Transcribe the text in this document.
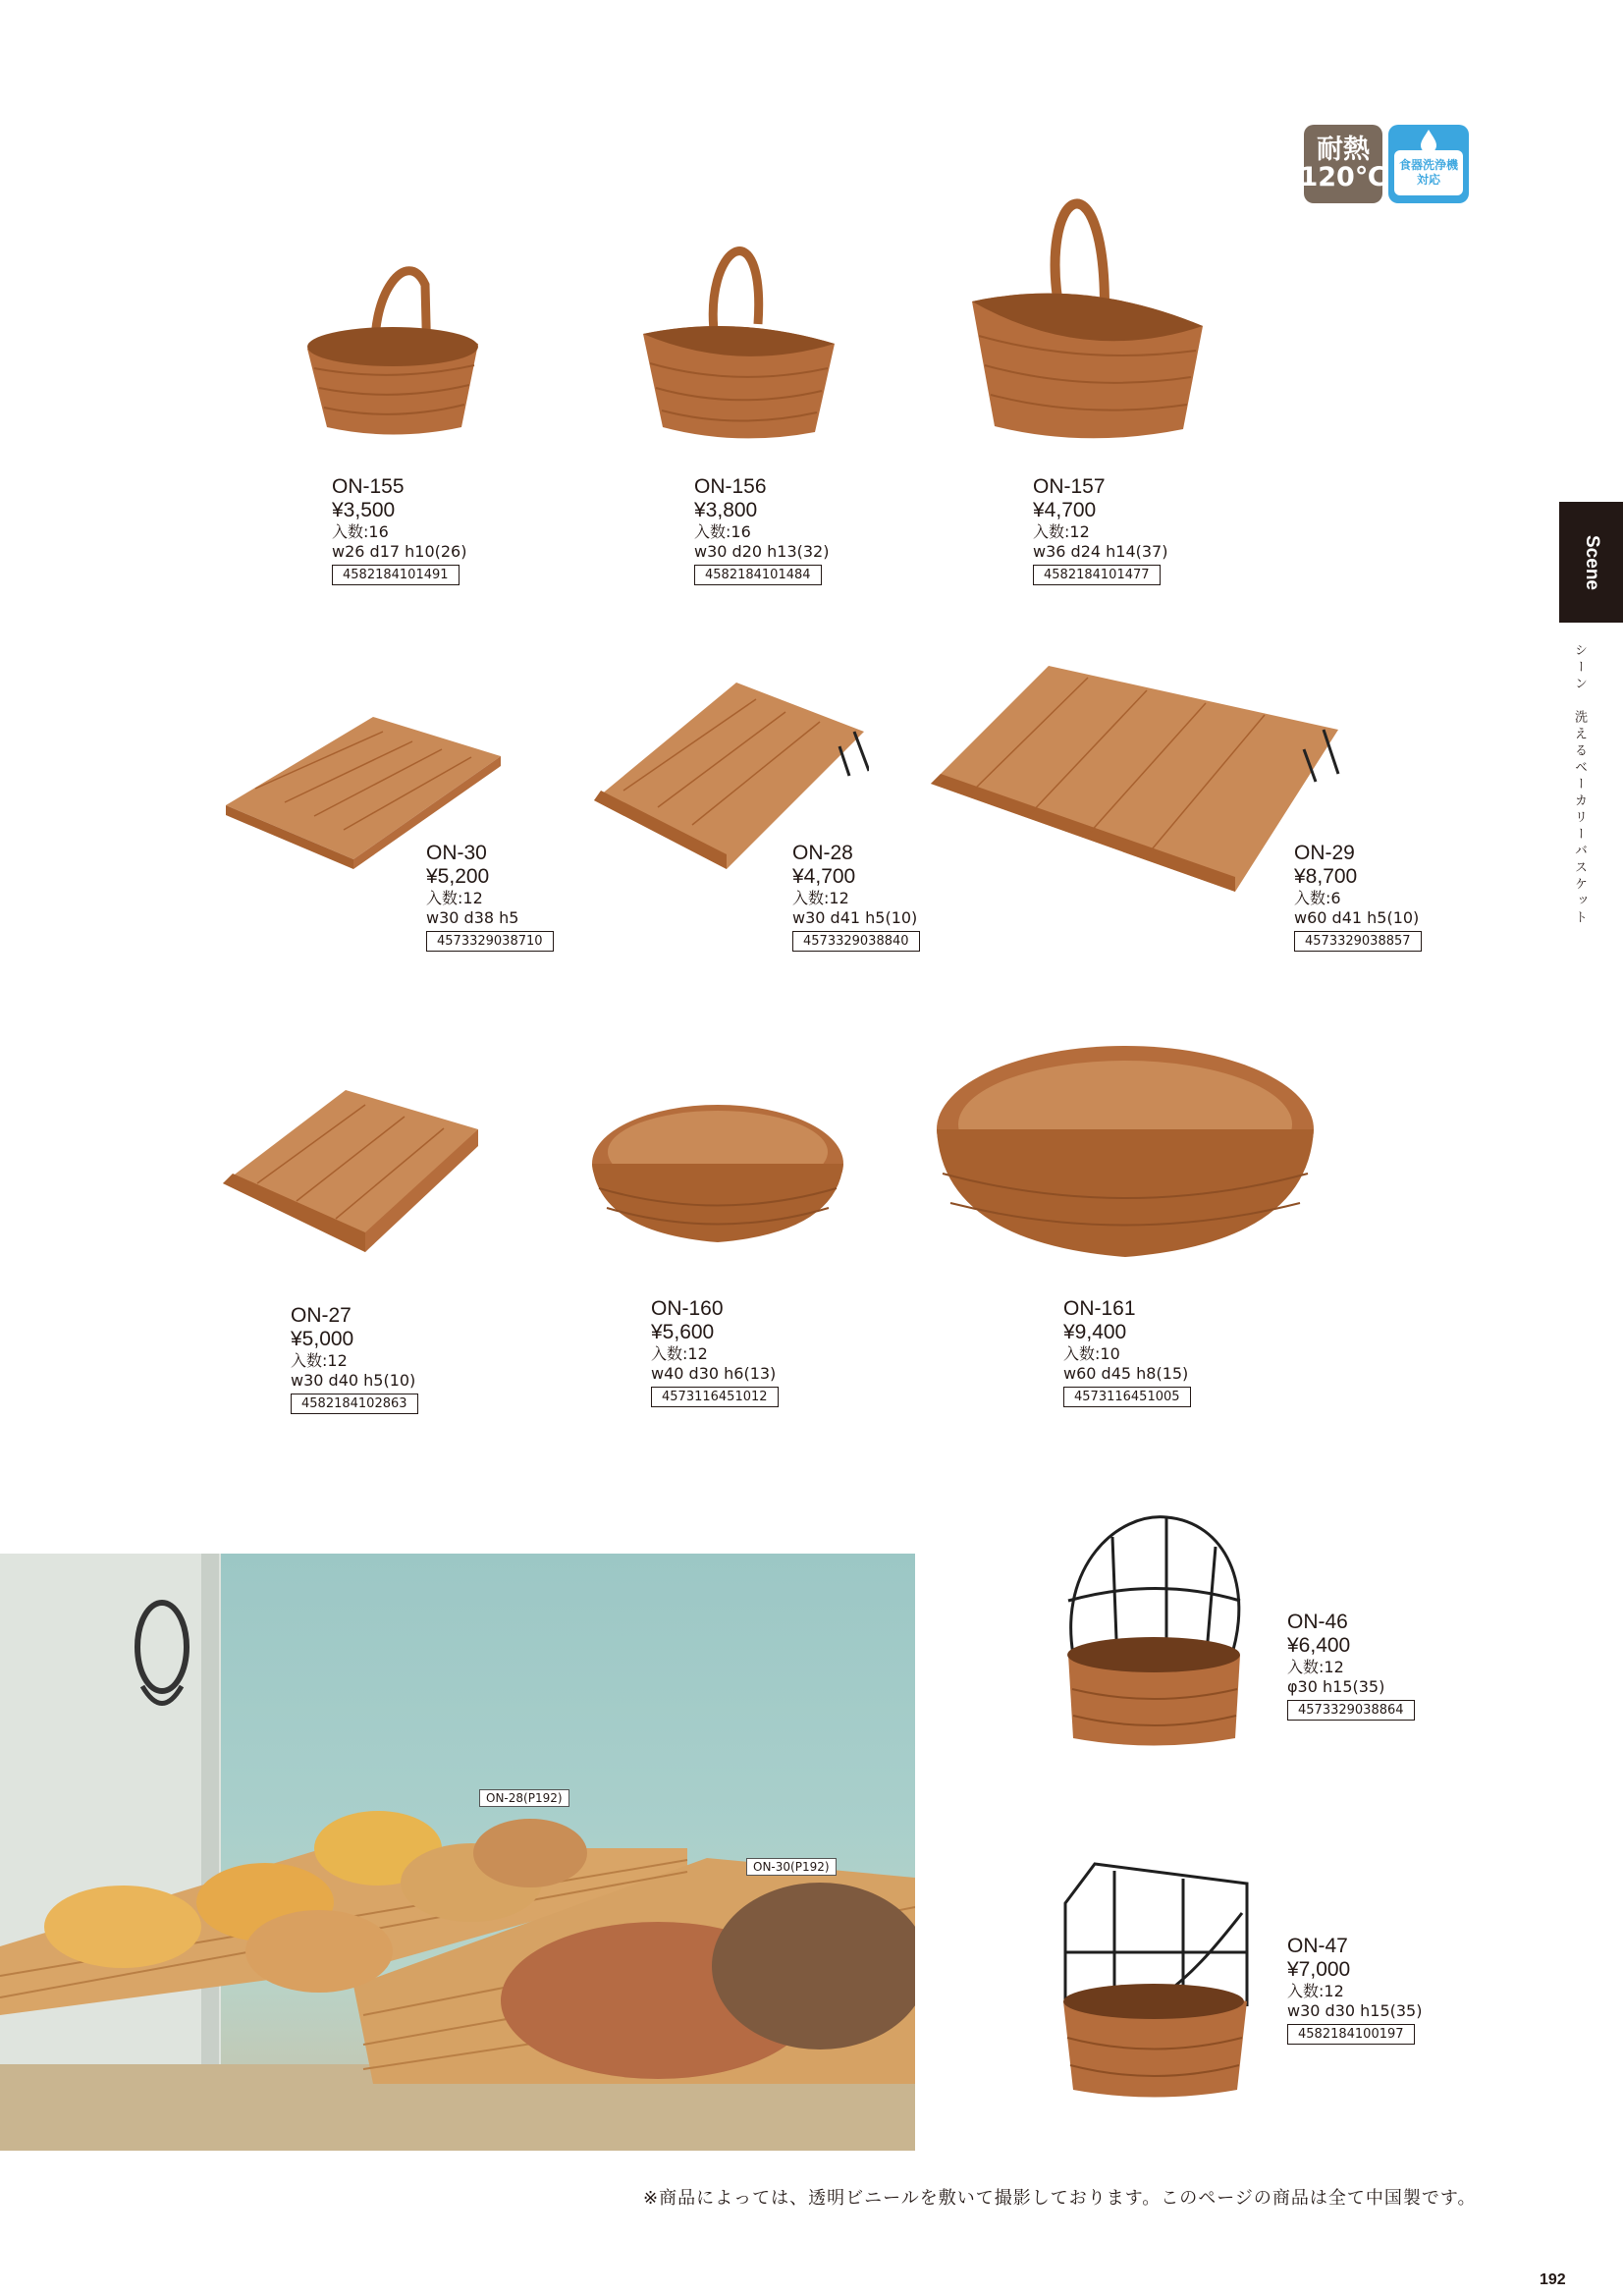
耐熱
120℃ 食器洗浄機
対応
Scene
シーン　洗えるベーカリーバスケット
ON-155
¥3,500
入数:16
w26 d17 h10(26)
4582184101491
ON-156
¥3,800
入数:16
w30 d20 h13(32)
4582184101484
ON-157
¥4,700
入数:12
w36 d24 h14(37)
4582184101477
ON-30
¥5,200
入数:12
w30 d38 h5
4573329038710
ON-28
¥4,700
入数:12
w30 d41 h5(10)
4573329038840
ON-29
¥8,700
入数:6
w60 d41 h5(10)
4573329038857
ON-27
¥5,000
入数:12
w30 d40 h5(10)
4582184102863
ON-160
¥5,600
入数:12
w40 d30 h6(13)
4573116451012
ON-161
¥9,400
入数:10
w60 d45 h8(15)
4573116451005
ON-28(P192)
ON-30(P192)
ON-46
¥6,400
入数:12
φ30 h15(35)
4573329038864
ON-47
¥7,000
入数:12
w30 d30 h15(35)
4582184100197
※商品によっては、透明ビニールを敷いて撮影しております。このページの商品は全て中国製です。
192
